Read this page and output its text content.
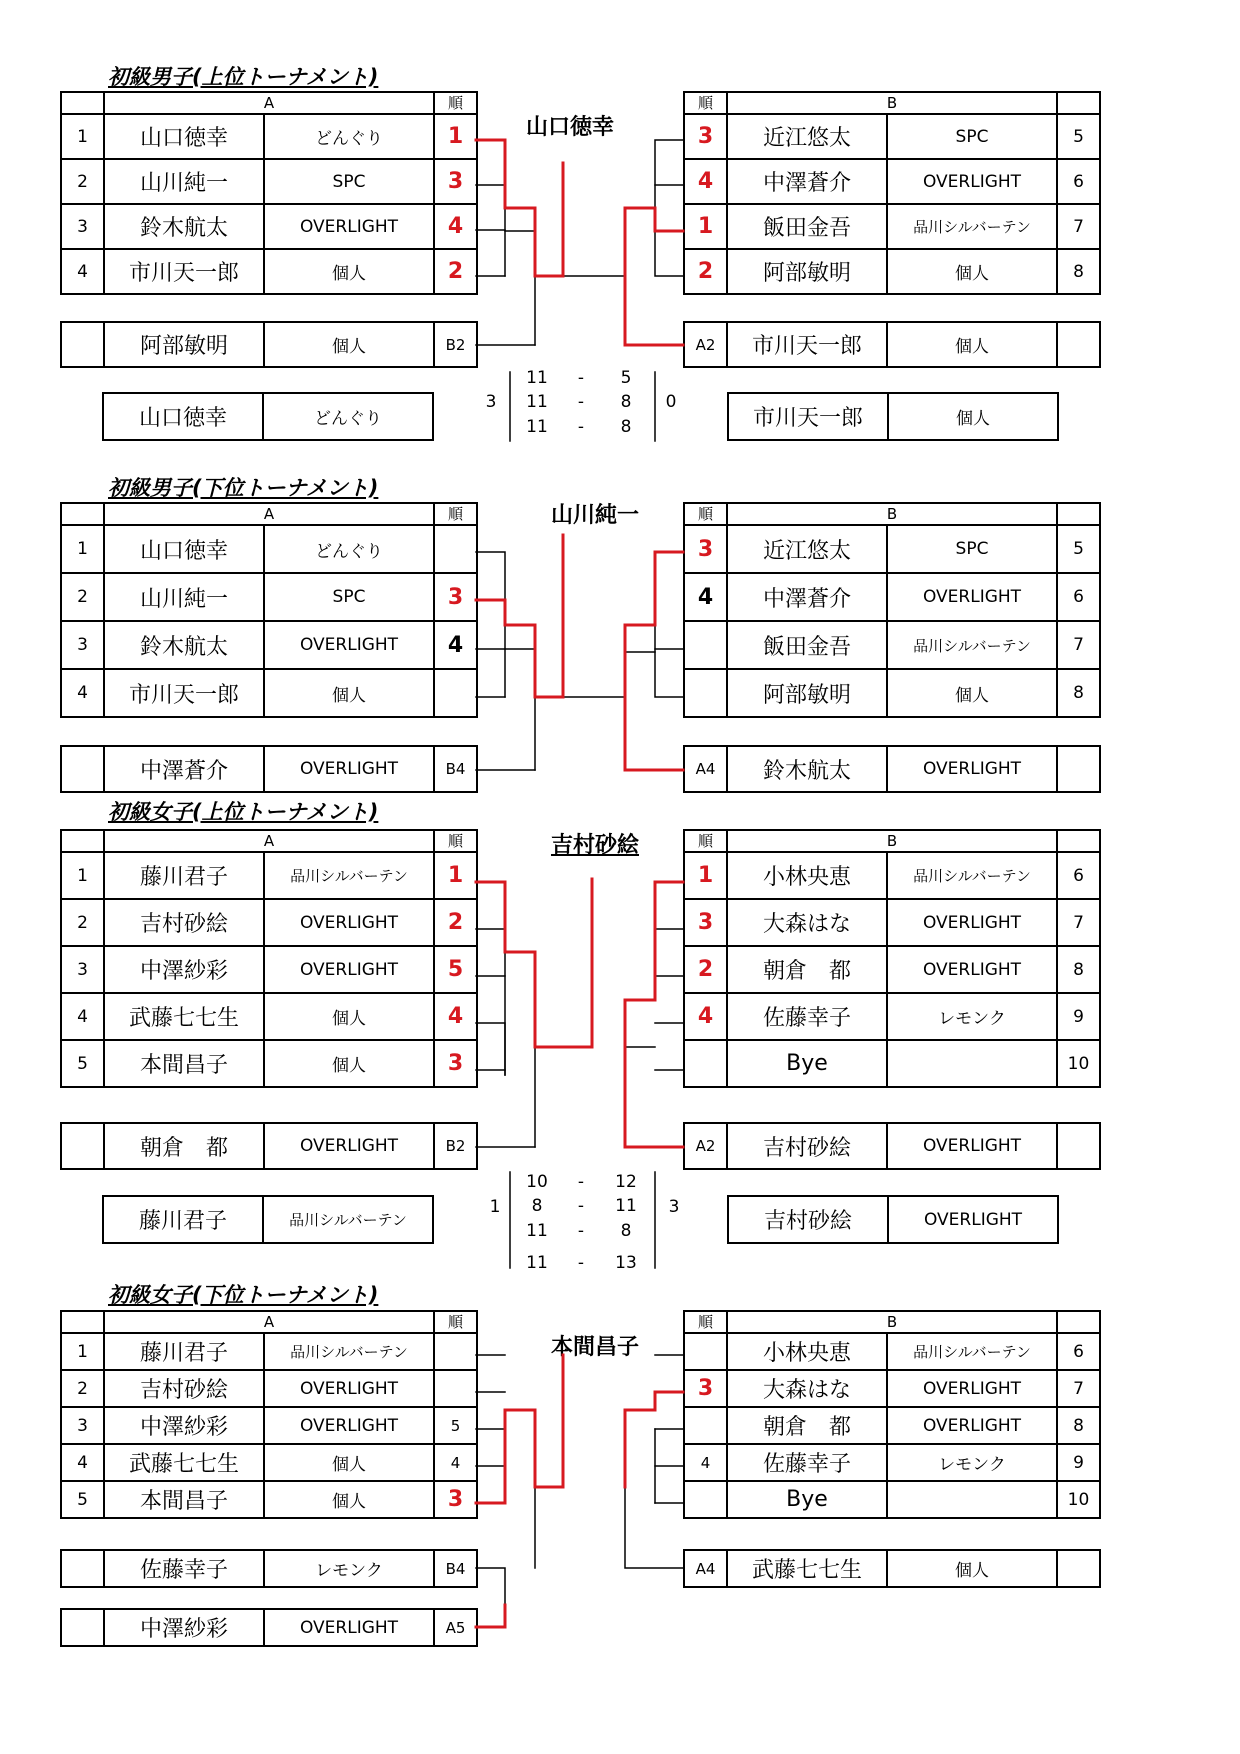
初級男子(上位トーナメント)
	A		順
1	山口徳幸	どんぐり	1
2	山川純一	SPC	3
3	鈴木航太	OVERLIGHT	4
4	市川天一郎	個人	2
順	B		
3	近江悠太	SPC	5
4	中澤蒼介	OVERLIGHT	6
1	飯田金吾	品川シルバーテン	7
2	阿部敏明	個人	8
	阿部敏明	個人	B2	A2	市川天一郎	個人	
山口徳幸
山口徳幸	どんぐり	市川天一郎	個人
3	0
11	-	5
11	-	8
11	-	8
初級男子(下位トーナメント)
	A		順
1	山口徳幸	どんぐり	
2	山川純一	SPC	3
3	鈴木航太	OVERLIGHT	4
4	市川天一郎	個人	
順	B		
3	近江悠太	SPC	5
4	中澤蒼介	OVERLIGHT	6
	飯田金吾	品川シルバーテン	7
	阿部敏明	個人	8
	中澤蒼介	OVERLIGHT	B4	A4	鈴木航太	OVERLIGHT	
山川純一
初級女子(上位トーナメント)
	A		順
1	藤川君子	品川シルバーテン	1
2	吉村砂絵	OVERLIGHT	2
3	中澤紗彩	OVERLIGHT	5
4	武藤七七生	個人	4
5	本間昌子	個人	3
順	B		
1	小林央恵	品川シルバーテン	6
3	大森はな	OVERLIGHT	7
2	朝倉　都	OVERLIGHT	8
4	佐藤幸子	レモンク	9
	Bye		10
	朝倉　都	OVERLIGHT	B2	A2	吉村砂絵	OVERLIGHT	
吉村砂絵
藤川君子	品川シルバーテン	吉村砂絵	OVERLIGHT
1	3
10	-	12
8	-	11
11	-	8
11	-	13
初級女子(下位トーナメント)
	A		順
1	藤川君子	品川シルバーテン	
2	吉村砂絵	OVERLIGHT	
3	中澤紗彩	OVERLIGHT	5
4	武藤七七生	個人	4
5	本間昌子	個人	3
順	B		
	小林央恵	品川シルバーテン	6
3	大森はな	OVERLIGHT	7
	朝倉　都	OVERLIGHT	8
4	佐藤幸子	レモンク	9
	Bye		10
	佐藤幸子	レモンク	B4
	中澤紗彩	OVERLIGHT	A5
A4	武藤七七生	個人	
本間昌子
